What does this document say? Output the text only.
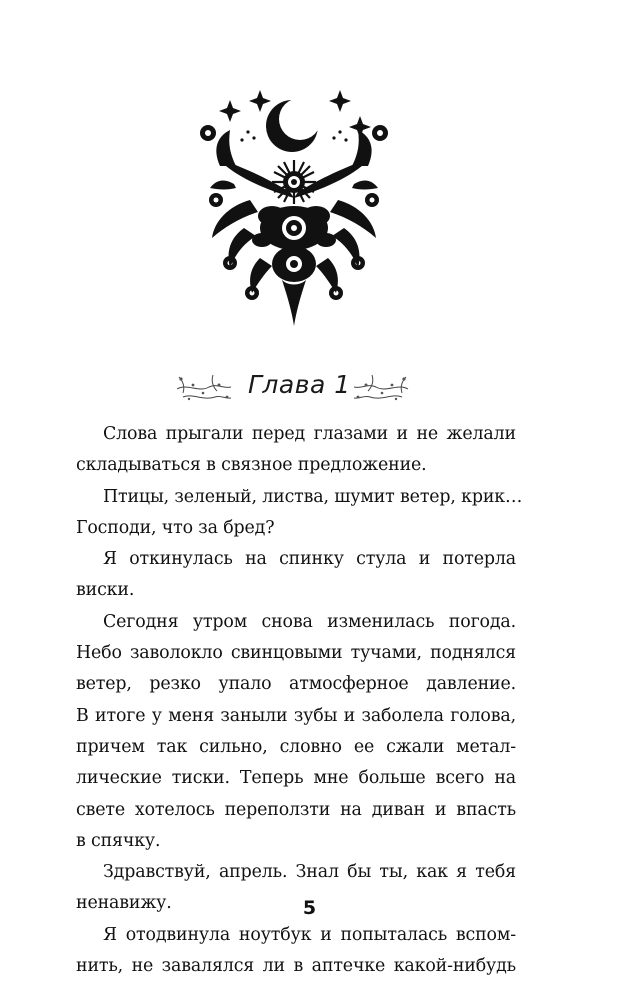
Глава 1
Слова прыгали перед глазами и не желали
складываться в связное предложение.
Птицы, зеленый, листва, шумит ветер, крик…
Господи, что за бред?
Я откинулась на спинку стула и потерла
виски.
Сегодня утром снова изменилась погода.
Небо заволокло свинцовыми тучами, поднялся
ветер, резко упало атмосферное давление.
В итоге у меня заныли зубы и заболела голова,
причем так сильно, словно ее сжали метал-
лические тиски. Теперь мне больше всего на
свете хотелось переползти на диван и впасть
в спячку.
Здравствуй, апрель. Знал бы ты, как я тебя
ненавижу.
Я отодвинула ноутбук и попыталась вспом-
нить, не завалялся ли в аптечке какой-нибудь
5
